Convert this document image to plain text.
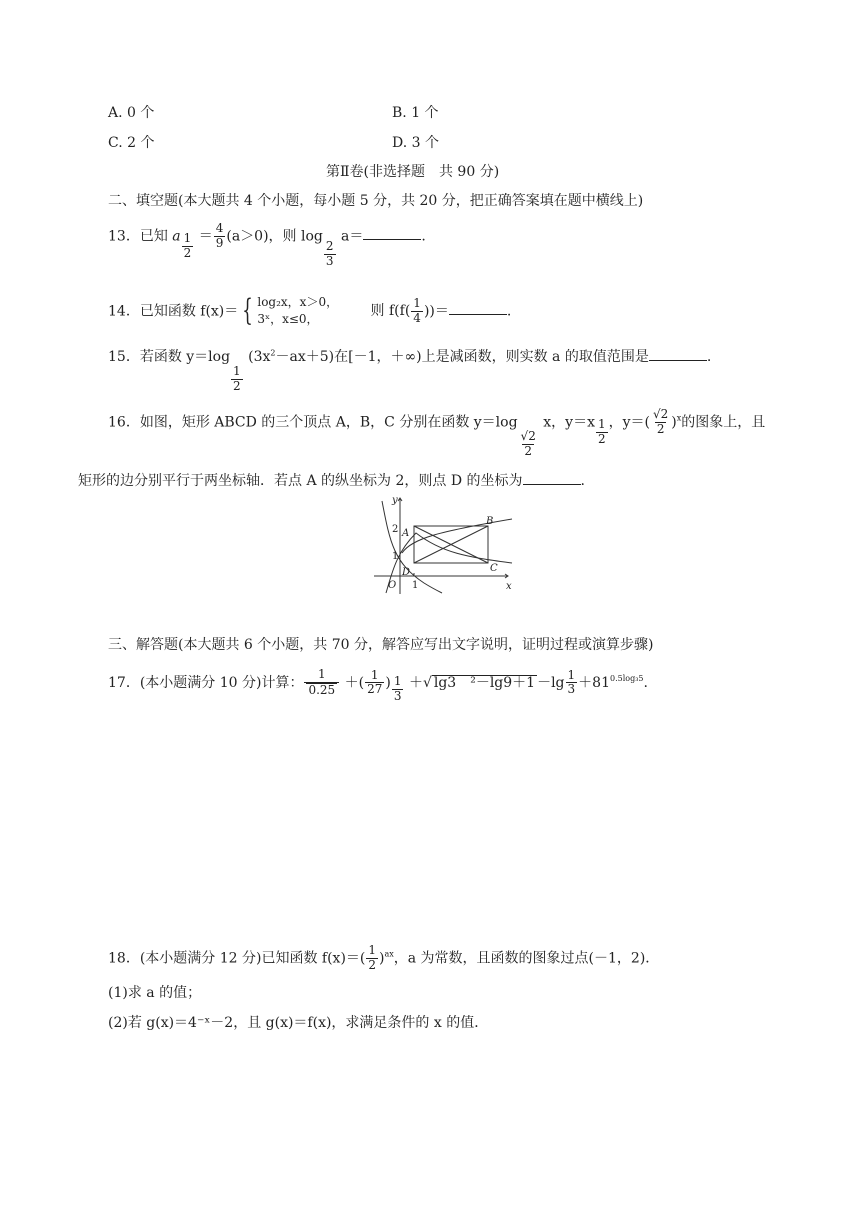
A. 0 个	B. 1 个
C. 2 个	D. 3 个
第Ⅱ卷(非选择题　共 90 分)
二、填空题(本大题共 4 个小题，每小题 5 分，共 20 分，把正确答案填在题中横线上)
13．已知 a $\frac{1}{2} = \frac{4}{9} (a>0)$，则 log
$\frac{2}{3}$
a＝	.
14．已知函数 f(x)＝ { log₂x，x＞0，
3ˣ，x≤0，	则 $f(f( \frac{1}{4}$ ))＝	.
15．若函数 y＝log
$\frac{1}{2}$
$(3x^2-ax+5)$在[－1，＋∞)上是减函数，则实数 a 的取值范围是	.
16．如图，矩形 ABCD 的三个顶点 A，B，C 分别在函数 y＝log
$\frac{√2}{2}$
x，$y=x \frac{1}{2}$ ，$y=( \frac{√2}{2} )^x$的图象上，且
矩形的边分别平行于两坐标轴．若点 A 的纵坐标为 2，则点 D 的坐标为	.
y
x
O
A
B
C
D
2
1
1
三、解答题(本大题共 6 个小题，共 70 分，解答应写出文字说明，证明过程或演算步骤)
17．(本小题满分 10 分)计算： $\frac{1}{0.25}$ ＋( $\frac{1}{27}$ ) $\frac{1}{3}$ ＋√ lg3　$^2-\lg 9+1 -\lg \frac{1}{3} +81^{0.5log_35}$.
18．(本小题满分 12 分)已知函数 $f(x)=( \frac{1}{2} )^{ax}$，a 为常数，且函数的图象过点(－1，2)．
(1)求 a 的值；
(2)若 g(x)＝4⁻ˣ－2，且 g(x)＝f(x)，求满足条件的 x 的值．
